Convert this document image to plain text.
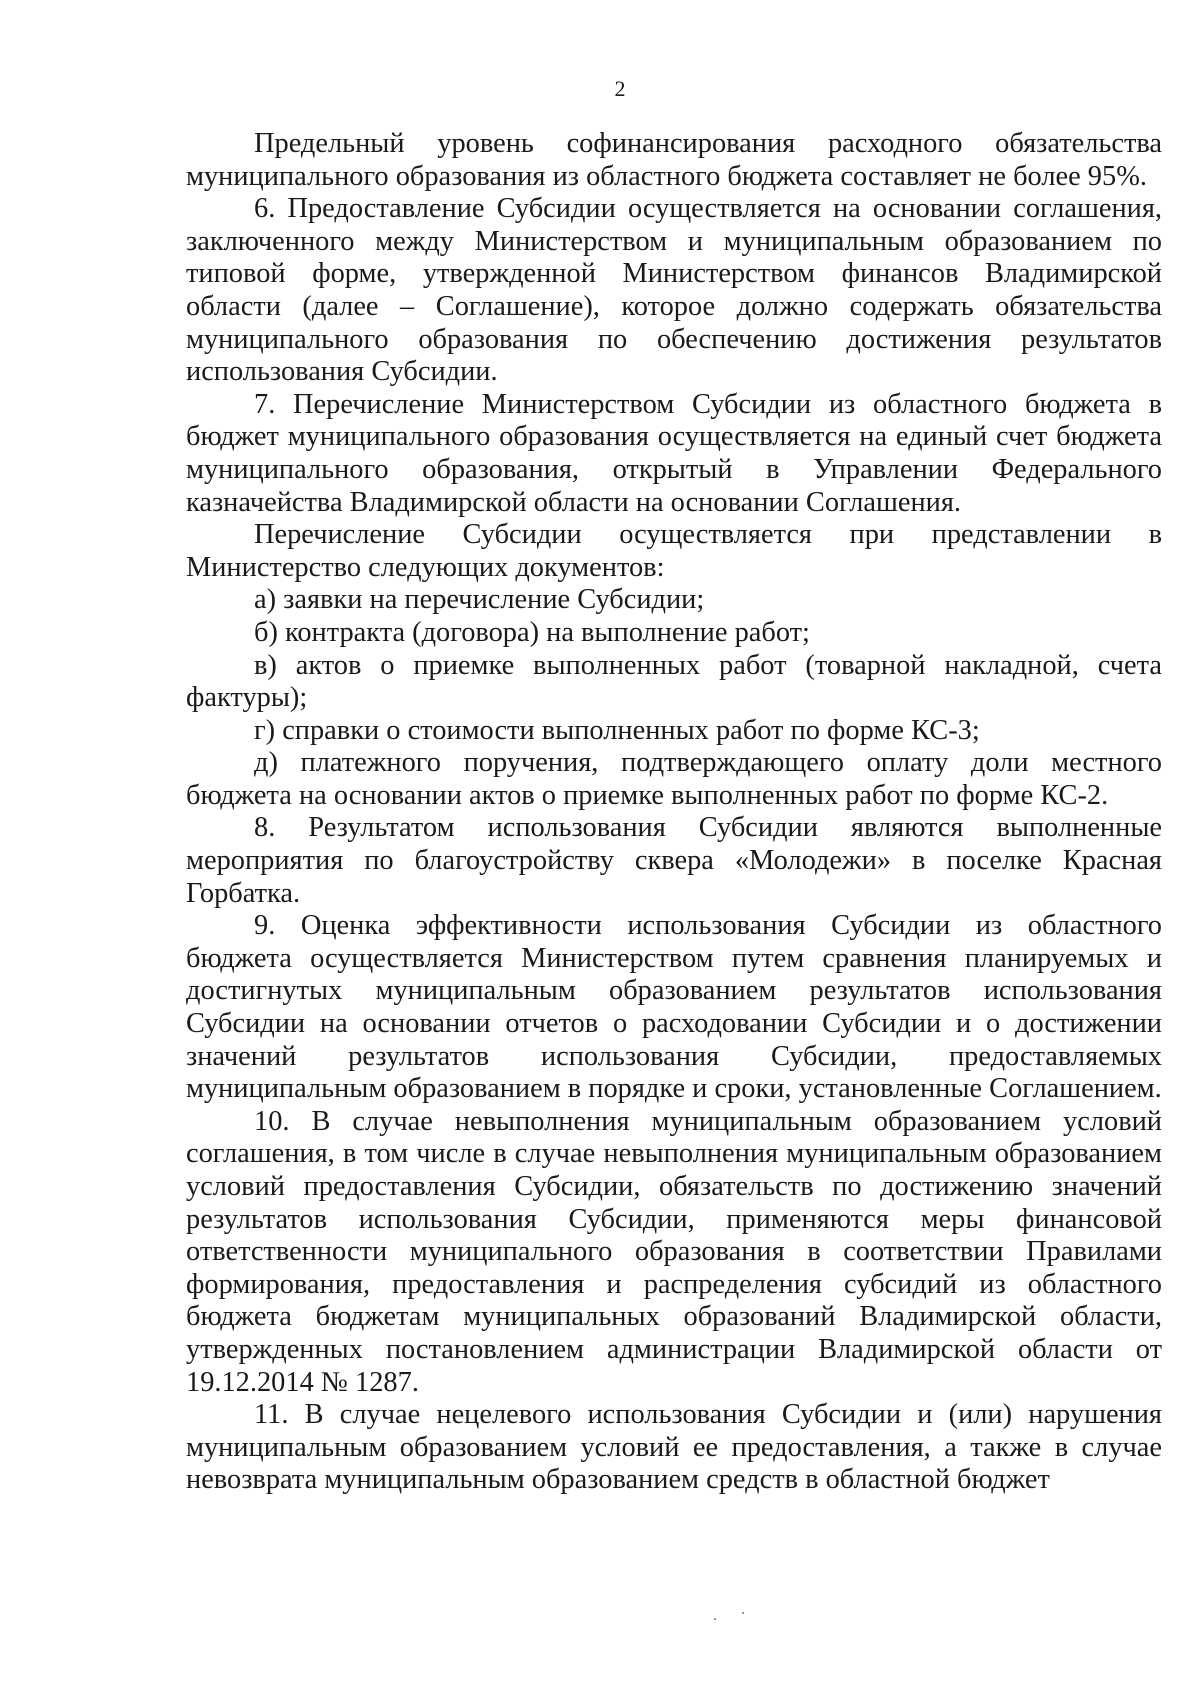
2

Предельный уровень софинансирования расходного обязательства муниципального образования из областного бюджета составляет не более 95%.

6. Предоставление Субсидии осуществляется на основании соглашения, заключенного между Министерством и муниципальным образованием по типовой форме, утвержденной Министерством финансов Владимирской области (далее – Соглашение), которое должно содержать обязательства муниципального образования по обеспечению достижения результатов использования Субсидии.

7. Перечисление Министерством Субсидии из областного бюджета в бюджет муниципального образования осуществляется на единый счет бюджета муниципального образования, открытый в Управлении Федерального казначейства Владимирской области на основании Соглашения.

Перечисление Субсидии осуществляется при представлении в Министерство следующих документов:

а) заявки на перечисление Субсидии;

б) контракта (договора) на выполнение работ;

в) актов о приемке выполненных работ (товарной накладной, счета фактуры);

г) справки о стоимости выполненных работ по форме КС-3;

д) платежного поручения, подтверждающего оплату доли местного бюджета на основании актов о приемке выполненных работ по форме КС-2.

8. Результатом использования Субсидии являются выполненные мероприятия по благоустройству сквера «Молодежи» в поселке Красная Горбатка.

9. Оценка эффективности использования Субсидии из областного бюджета осуществляется Министерством путем сравнения планируемых и достигнутых муниципальным образованием результатов использования Субсидии на основании отчетов о расходовании Субсидии и о достижении значений результатов использования Субсидии, предоставляемых муниципальным образованием в порядке и сроки, установленные Соглашением.

10. В случае невыполнения муниципальным образованием условий соглашения, в том числе в случае невыполнения муниципальным образованием условий предоставления Субсидии, обязательств по достижению значений результатов использования Субсидии, применяются меры финансовой ответственности муниципального образования в соответствии Правилами формирования, предоставления и распределения субсидий из областного бюджета бюджетам муниципальных образований Владимирской области, утвержденных постановлением администрации Владимирской области от 19.12.2014 № 1287.

11. В случае нецелевого использования Субсидии и (или) нарушения муниципальным образованием условий ее предоставления, а также в случае невозврата муниципальным образованием средств в областной бюджет
